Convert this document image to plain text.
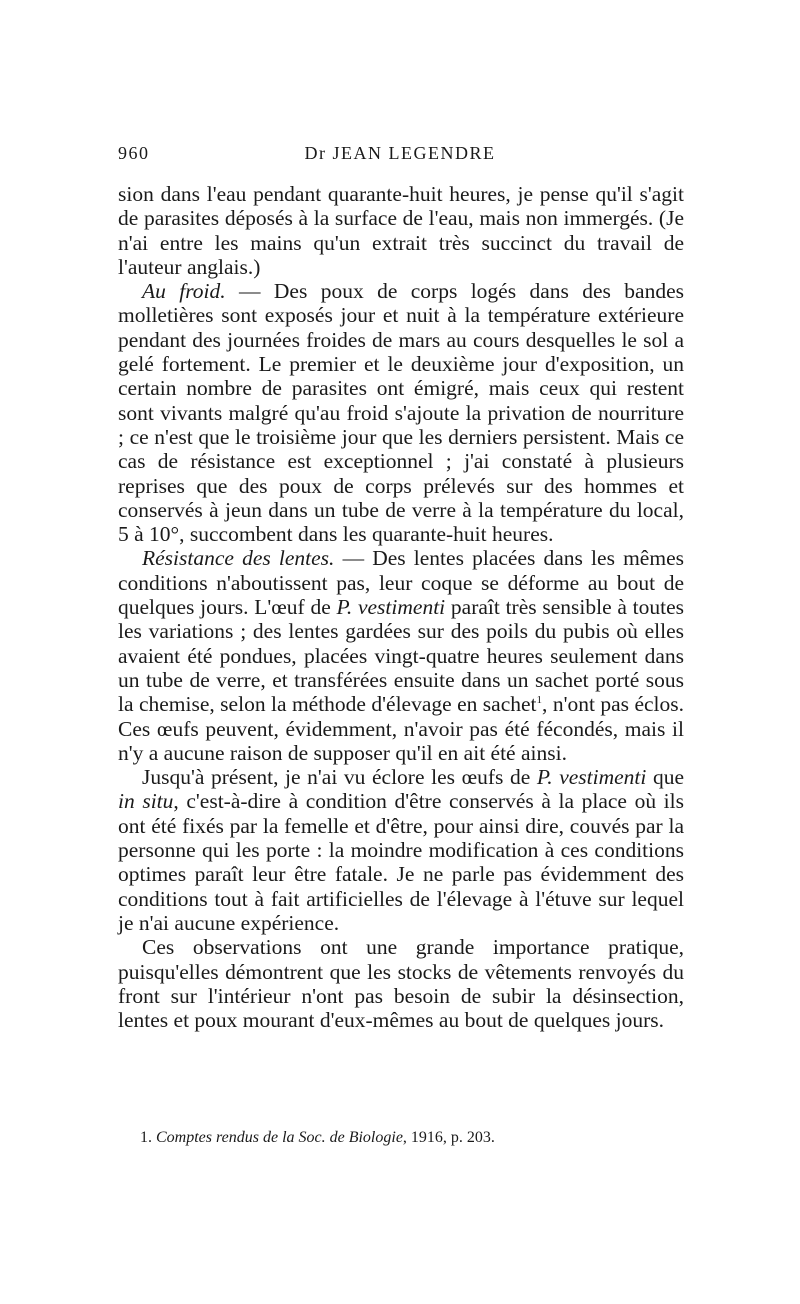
960	Dr JEAN LEGENDRE

sion dans l'eau pendant quarante-huit heures, je pense qu'il s'agit de parasites déposés à la surface de l'eau, mais non immergés. (Je n'ai entre les mains qu'un extrait très succinct du travail de l'auteur anglais.)

Au froid. — Des poux de corps logés dans des bandes molletières sont exposés jour et nuit à la température extérieure pendant des journées froides de mars au cours desquelles le sol a gelé fortement. Le premier et le deuxième jour d'exposition, un certain nombre de parasites ont émigré, mais ceux qui restent sont vivants malgré qu'au froid s'ajoute la privation de nourriture ; ce n'est que le troisième jour que les derniers persistent. Mais ce cas de résistance est exceptionnel ; j'ai constaté à plusieurs reprises que des poux de corps prélevés sur des hommes et conservés à jeun dans un tube de verre à la température du local, 5 à 10°, succombent dans les quarante-huit heures.

Résistance des lentes. — Des lentes placées dans les mêmes conditions n'aboutissent pas, leur coque se déforme au bout de quelques jours. L'œuf de P. vestimenti paraît très sensible à toutes les variations ; des lentes gardées sur des poils du pubis où elles avaient été pondues, placées vingt-quatre heures seulement dans un tube de verre, et transférées ensuite dans un sachet porté sous la chemise, selon la méthode d'élevage en sachet$^1$, n'ont pas éclos. Ces œufs peuvent, évidemment, n'avoir pas été fécondés, mais il n'y a aucune raison de supposer qu'il en ait été ainsi.

Jusqu'à présent, je n'ai vu éclore les œufs de P. vestimenti que in situ, c'est-à-dire à condition d'être conservés à la place où ils ont été fixés par la femelle et d'être, pour ainsi dire, couvés par la personne qui les porte : la moindre modification à ces conditions optimes paraît leur être fatale. Je ne parle pas évidemment des conditions tout à fait artificielles de l'élevage à l'étuve sur lequel je n'ai aucune expérience.

Ces observations ont une grande importance pratique, puisqu'elles démontrent que les stocks de vêtements renvoyés du front sur l'intérieur n'ont pas besoin de subir la désinsection, lentes et poux mourant d'eux-mêmes au bout de quelques jours.

1. Comptes rendus de la Soc. de Biologie, 1916, p. 203.
